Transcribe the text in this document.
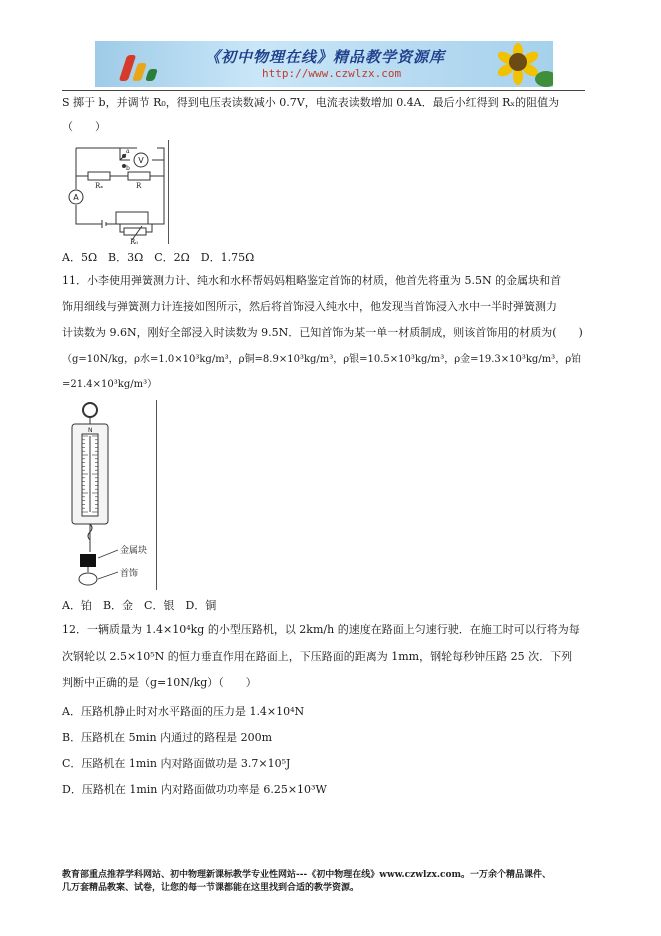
《初中物理在线》精品教学资源库
http://www.czwlzx.com
S 掷于 b，并调节 R₀，得到电压表读数减小 0.7V，电流表读数增加 0.4A．最后小红得到 Rₓ的阻值为
（　　）
V
A
Rₓ	R
R₀
a
b
A．5Ω　B．3Ω　C．2Ω　D．1.75Ω
11．小李使用弹簧测力计、纯水和水杯帮妈妈粗略鉴定首饰的材质，他首先将重为 5.5N 的金属块和首
饰用细线与弹簧测力计连接如图所示，然后将首饰浸入纯水中，他发现当首饰浸入水中一半时弹簧测力
计读数为 9.6N，刚好全部浸入时读数为 9.5N．已知首饰为某一单一材质制成，则该首饰用的材质为(　　)
（g=10N/kg，ρ水=1.0×10³kg/m³，ρ铜=8.9×10³kg/m³，ρ银=10.5×10³kg/m³，ρ金=19.3×10³kg/m³，ρ铂
=21.4×10³kg/m³）
N
金属块
首饰
A．铂　B．金　C．银　D．铜
12．一辆质量为 1.4×10⁴kg 的小型压路机，以 2km/h 的速度在路面上匀速行驶．在施工时可以行将为每
次钢轮以 2.5×10⁵N 的恒力垂直作用在路面上，下压路面的距离为 1mm，钢轮每秒钟压路 25 次．下列
判断中正确的是（g=10N/kg）（　　）
A．压路机静止时对水平路面的压力是 1.4×10⁴N
B．压路机在 5min 内通过的路程是 200m
C．压路机在 1min 内对路面做功是 3.7×10⁵J
D．压路机在 1min 内对路面做功功率是 6.25×10³W
教育部重点推荐学科网站、初中物理新课标教学专业性网站---《初中物理在线》www.czwlzx.com。一万余个精品课件、
几万套精品教案、试卷，让您的每一节课都能在这里找到合适的教学资源。
